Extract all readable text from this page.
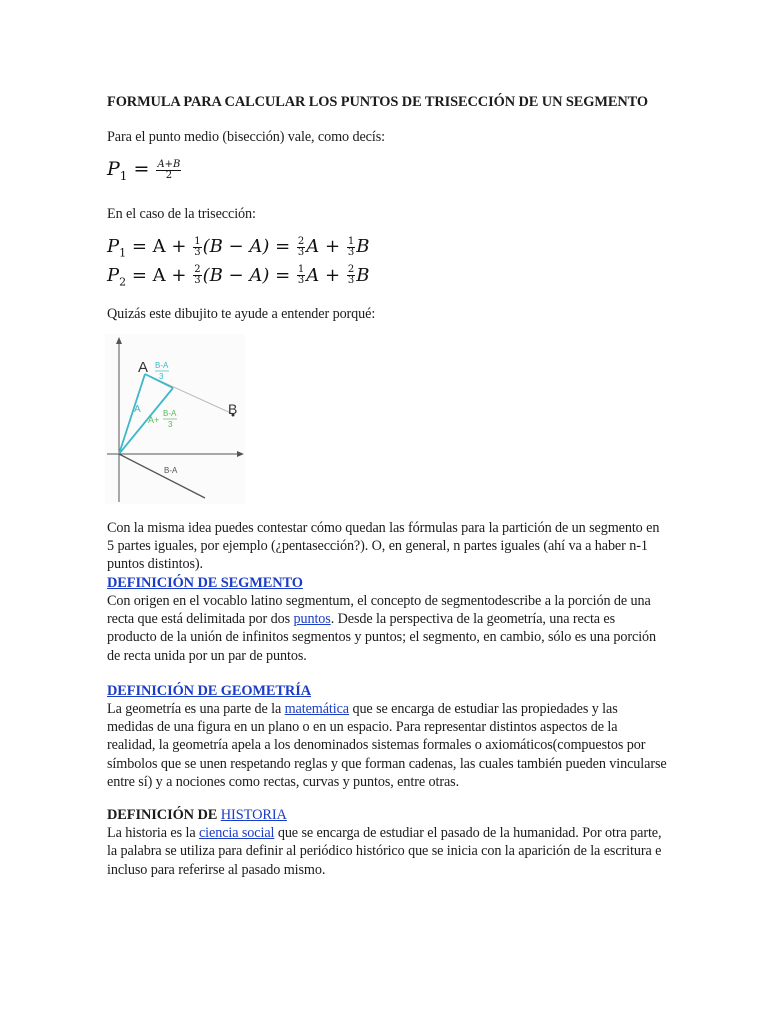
FORMULA PARA CALCULAR LOS PUNTOS DE TRISECCIÓN DE UN SEGMENTO
Para el punto medio (bisección) vale, como decís:
$P_1 = \frac{A+B}{2}$
En el caso de la trisección:
$P_1 = A + \frac{1}{3} (B - A) = \frac{2}{3}$ $A + \frac{1}{3}$ B
$P_2 = A + \frac{2}{3} (B - A) = \frac{1}{3}$ $A + \frac{2}{3}$ B
Quizás este dibujito te ayude a entender porqué:
A
B
A
B-A
3
A+
B-A
3
B-A
Con la misma idea puedes contestar cómo quedan las fórmulas para la partición de un segmento en 5 partes iguales, por ejemplo (¿pentasección?). O, en general, n partes iguales (ahí va a haber n-1 puntos distintos).
DEFINICIÓN DE SEGMENTO
Con origen en el vocablo latino segmentum, el concepto de segmentodescribe a la porción de una recta que está delimitada por dos puntos. Desde la perspectiva de la geometría, una recta es producto de la unión de infinitos segmentos y puntos; el segmento, en cambio, sólo es una porción de recta unida por un par de puntos.
DEFINICIÓN DE GEOMETRÍA
La geometría es una parte de la matemática que se encarga de estudiar las propiedades y las medidas de una figura en un plano o en un espacio. Para representar distintos aspectos de la realidad, la geometría apela a los denominados sistemas formales o axiomáticos(compuestos por símbolos que se unen respetando reglas y que forman cadenas, las cuales también pueden vincularse entre sí) y a nociones como rectas, curvas y puntos, entre otras.
DEFINICIÓN DE HISTORIA
La historia es la ciencia social que se encarga de estudiar el pasado de la humanidad. Por otra parte, la palabra se utiliza para definir al periódico histórico que se inicia con la aparición de la escritura e incluso para referirse al pasado mismo.
